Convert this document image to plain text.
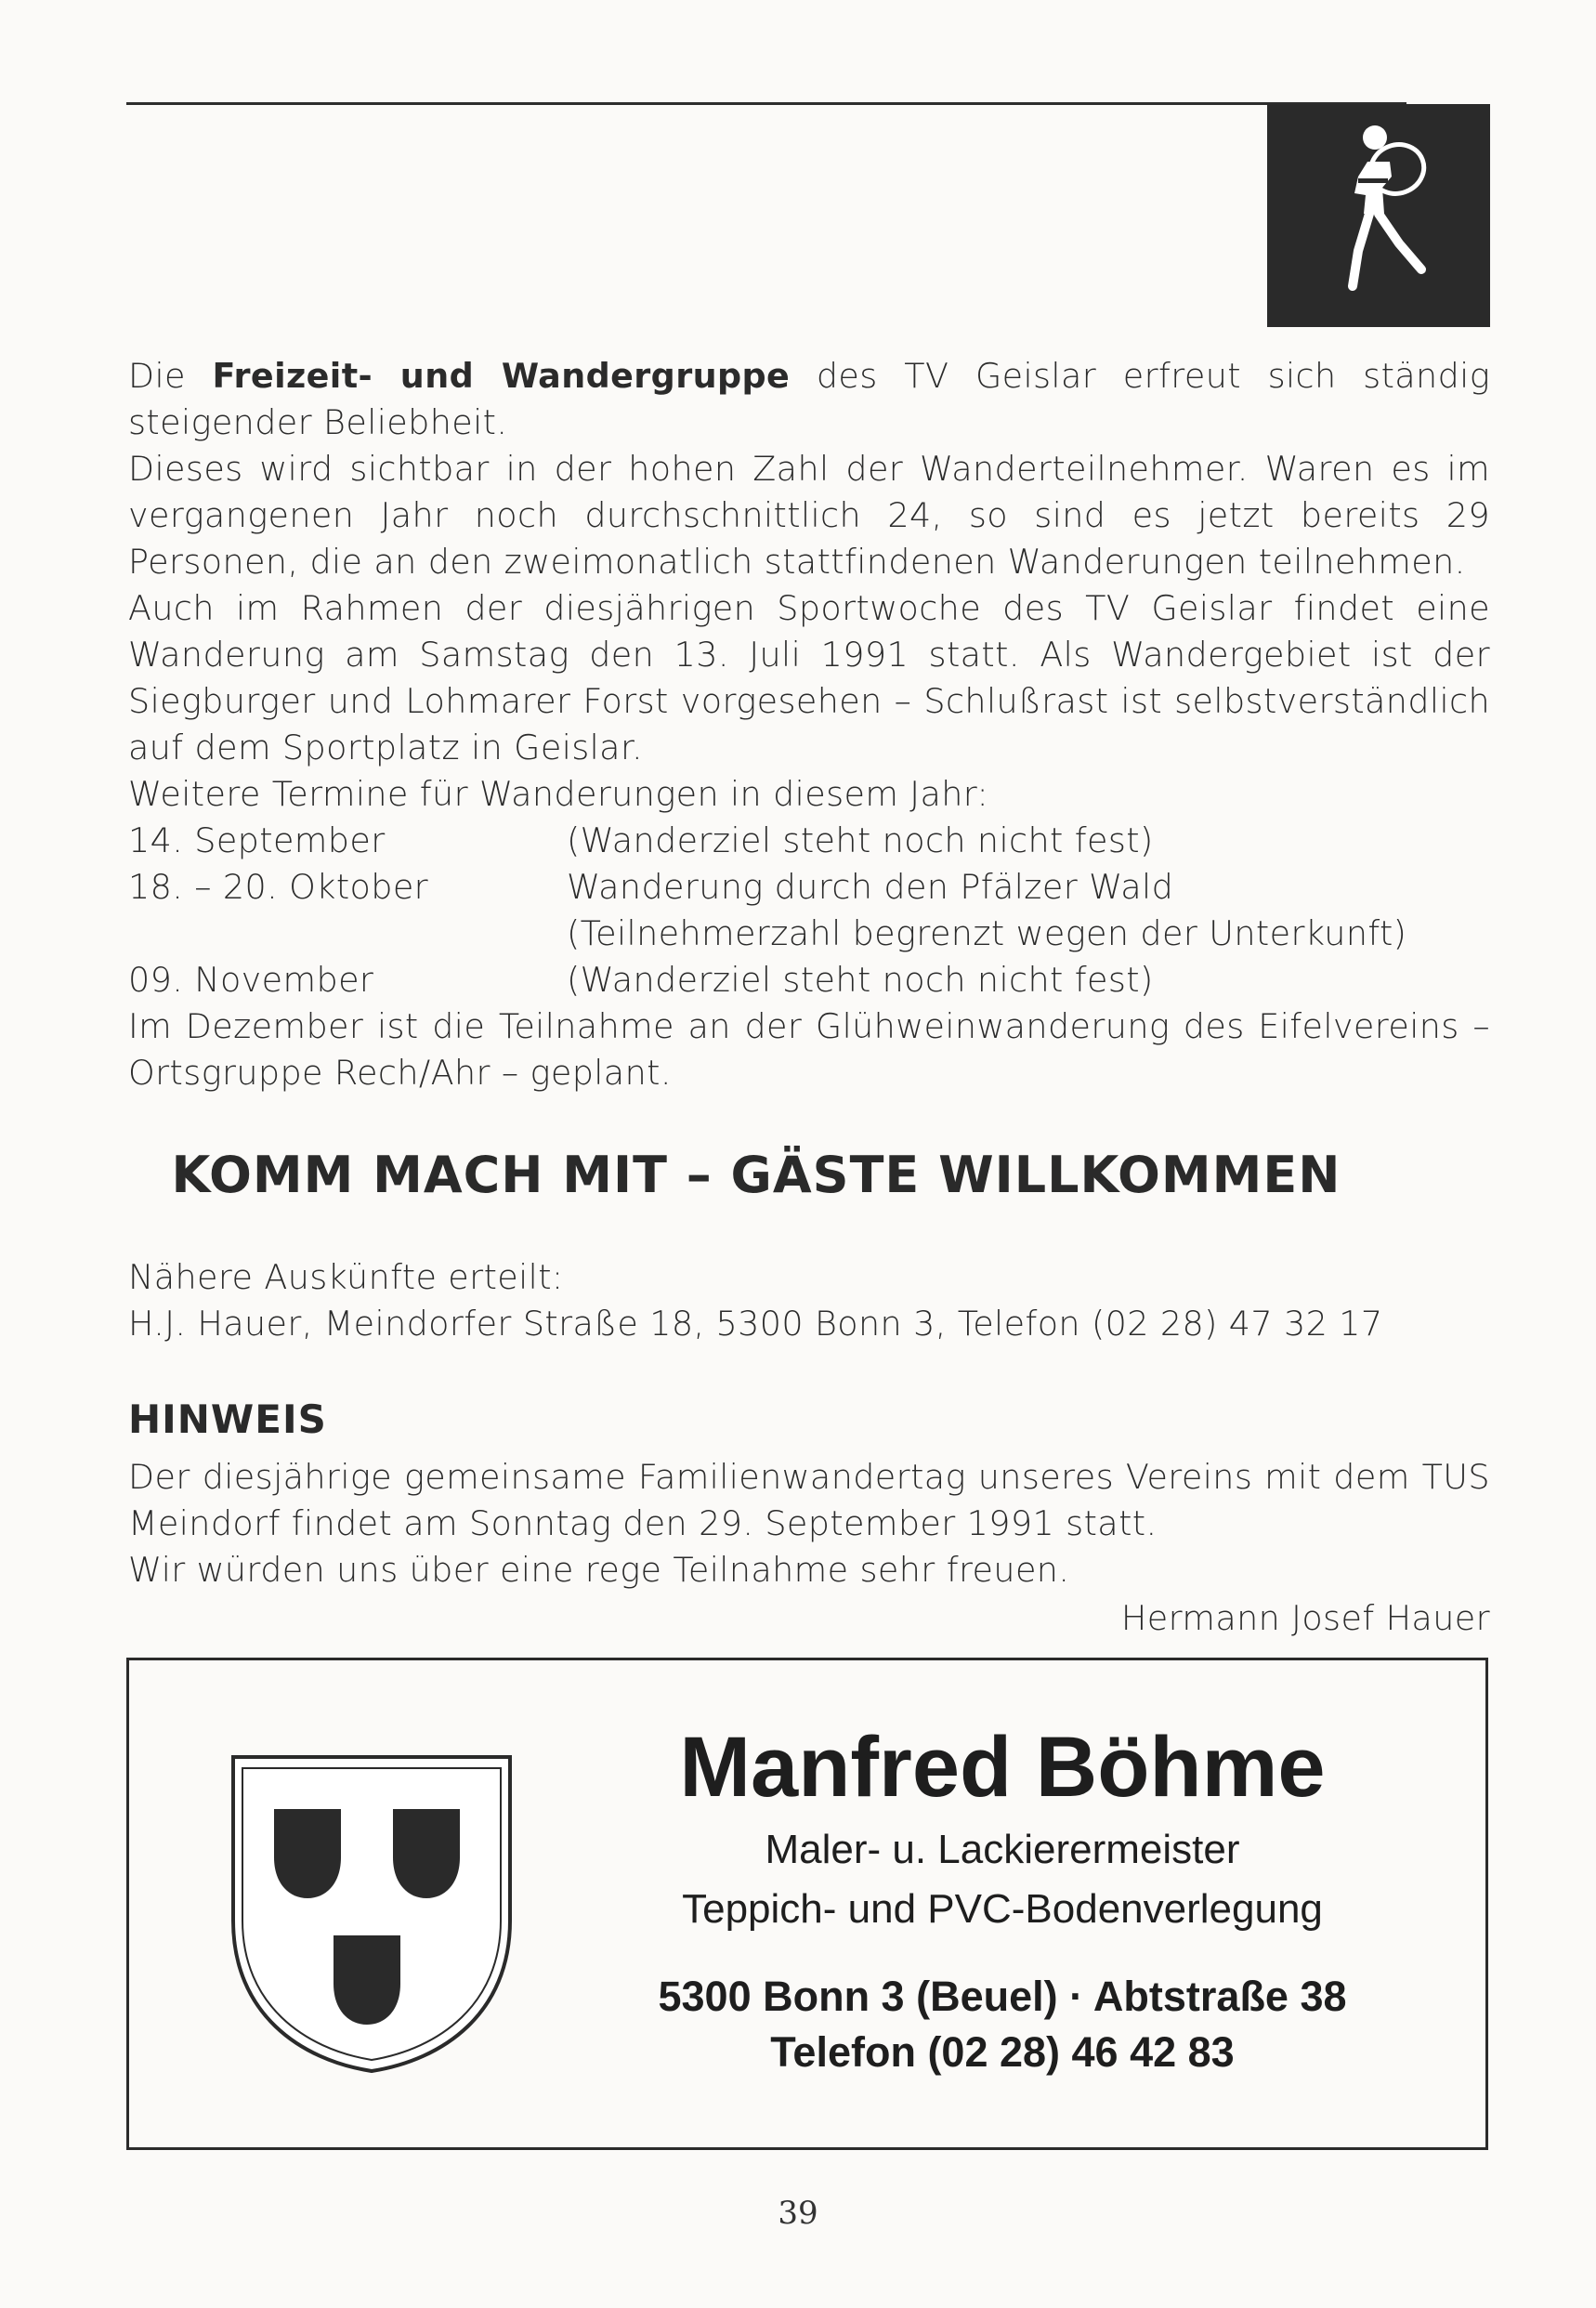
Die Freizeit- und Wandergruppe des TV Geislar erfreut sich ständig steigender Beliebheit.

Dieses wird sichtbar in der hohen Zahl der Wanderteilnehmer. Waren es im vergangenen Jahr noch durchschnittlich 24, so sind es jetzt bereits 29 Personen, die an den zweimonatlich stattfindenen Wanderungen teilnehmen.

Auch im Rahmen der diesjährigen Sportwoche des TV Geislar findet eine Wanderung am Samstag den 13. Juli 1991 statt. Als Wandergebiet ist der Siegburger und Lohmarer Forst vorgesehen – Schlußrast ist selbstverständlich auf dem Sportplatz in Geislar.

Weitere Termine für Wanderungen in diesem Jahr:

14. September	(Wanderziel steht noch nicht fest)
18. – 20. Oktober	Wanderung durch den Pfälzer Wald
(Teilnehmerzahl begrenzt wegen der Unterkunft)
09. November	(Wanderziel steht noch nicht fest)

Im Dezember ist die Teilnahme an der Glühweinwanderung des Eifelvereins –Ortsgruppe Rech/Ahr – geplant.

KOMM MACH MIT – GÄSTE WILLKOMMEN

Nähere Auskünfte erteilt:

H.J. Hauer, Meindorfer Straße 18, 5300 Bonn 3, Telefon (02 28) 47 32 17

HINWEIS

Der diesjährige gemeinsame Familienwandertag unseres Vereins mit dem TUS Meindorf findet am Sonntag den 29. September 1991 statt.

Wir würden uns über eine rege Teilnahme sehr freuen.

Hermann Josef Hauer
Manfred Böhme
Maler- u. Lackierermeister
Teppich- und PVC-Bodenverlegung
5300 Bonn 3 (Beuel) · Abtstraße 38
Telefon (02 28) 46 42 83
39
